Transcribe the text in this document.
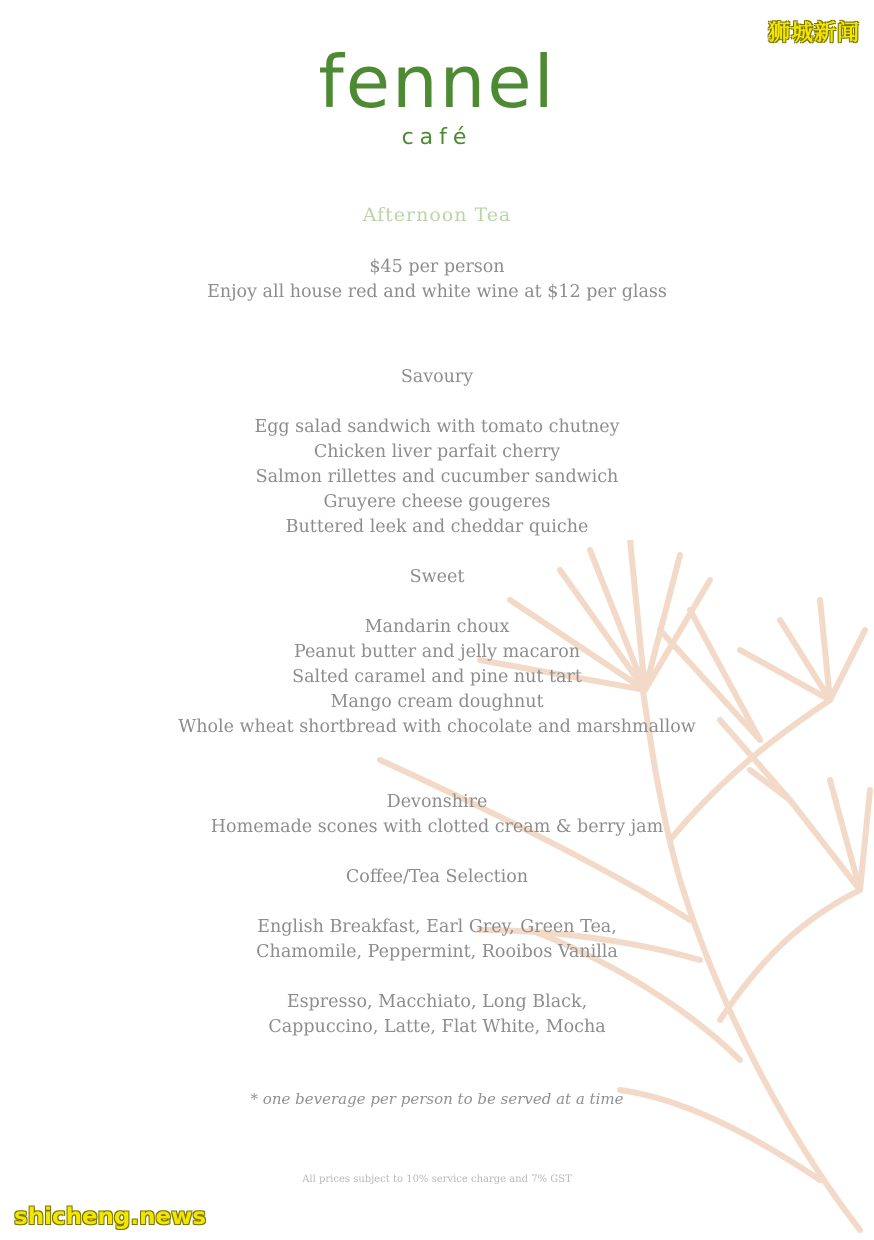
狮城新闻
fennel
café
Afternoon Tea
$45 per person
Enjoy all house red and white wine at $12 per glass
Savoury
Egg salad sandwich with tomato chutney
Chicken liver parfait cherry
Salmon rillettes and cucumber sandwich
Gruyere cheese gougeres
Buttered leek and cheddar quiche
Sweet
Mandarin choux
Peanut butter and jelly macaron
Salted caramel and pine nut tart
Mango cream doughnut
Whole wheat shortbread with chocolate and marshmallow
Devonshire
Homemade scones with clotted cream & berry jam
Coffee/Tea Selection
English Breakfast, Earl Grey, Green Tea,
Chamomile, Peppermint, Rooibos Vanilla
Espresso, Macchiato, Long Black,
Cappuccino, Latte, Flat White, Mocha
* one beverage per person to be served at a time
All prices subject to 10% service charge and 7% GST
shicheng.news
